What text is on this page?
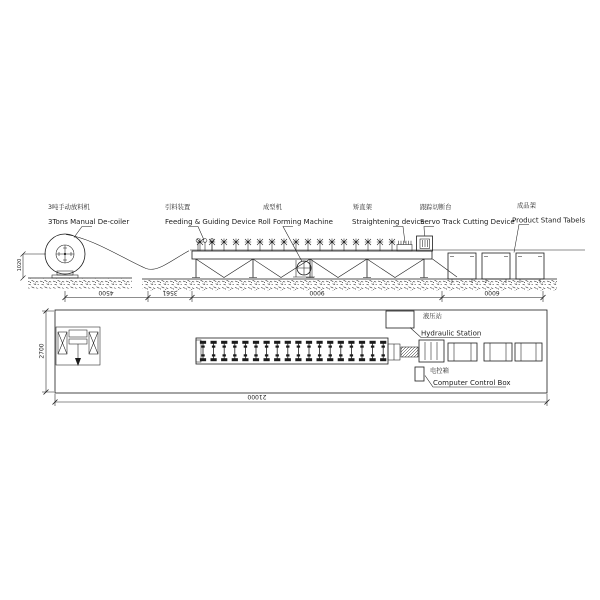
4500	3561	9000	6000
1020
3吨手动放料机
3Tons Manual De-coiler
引料装置
Feeding & Guiding Device
成型机
Roll Forming Machine
矫直架
Straightening device
跟踪切断台
Servo Track Cutting Device
成品架
Product Stand Tabels
液压站
Hydraulic Station
电控箱
Computer Control Box
2700
21000
